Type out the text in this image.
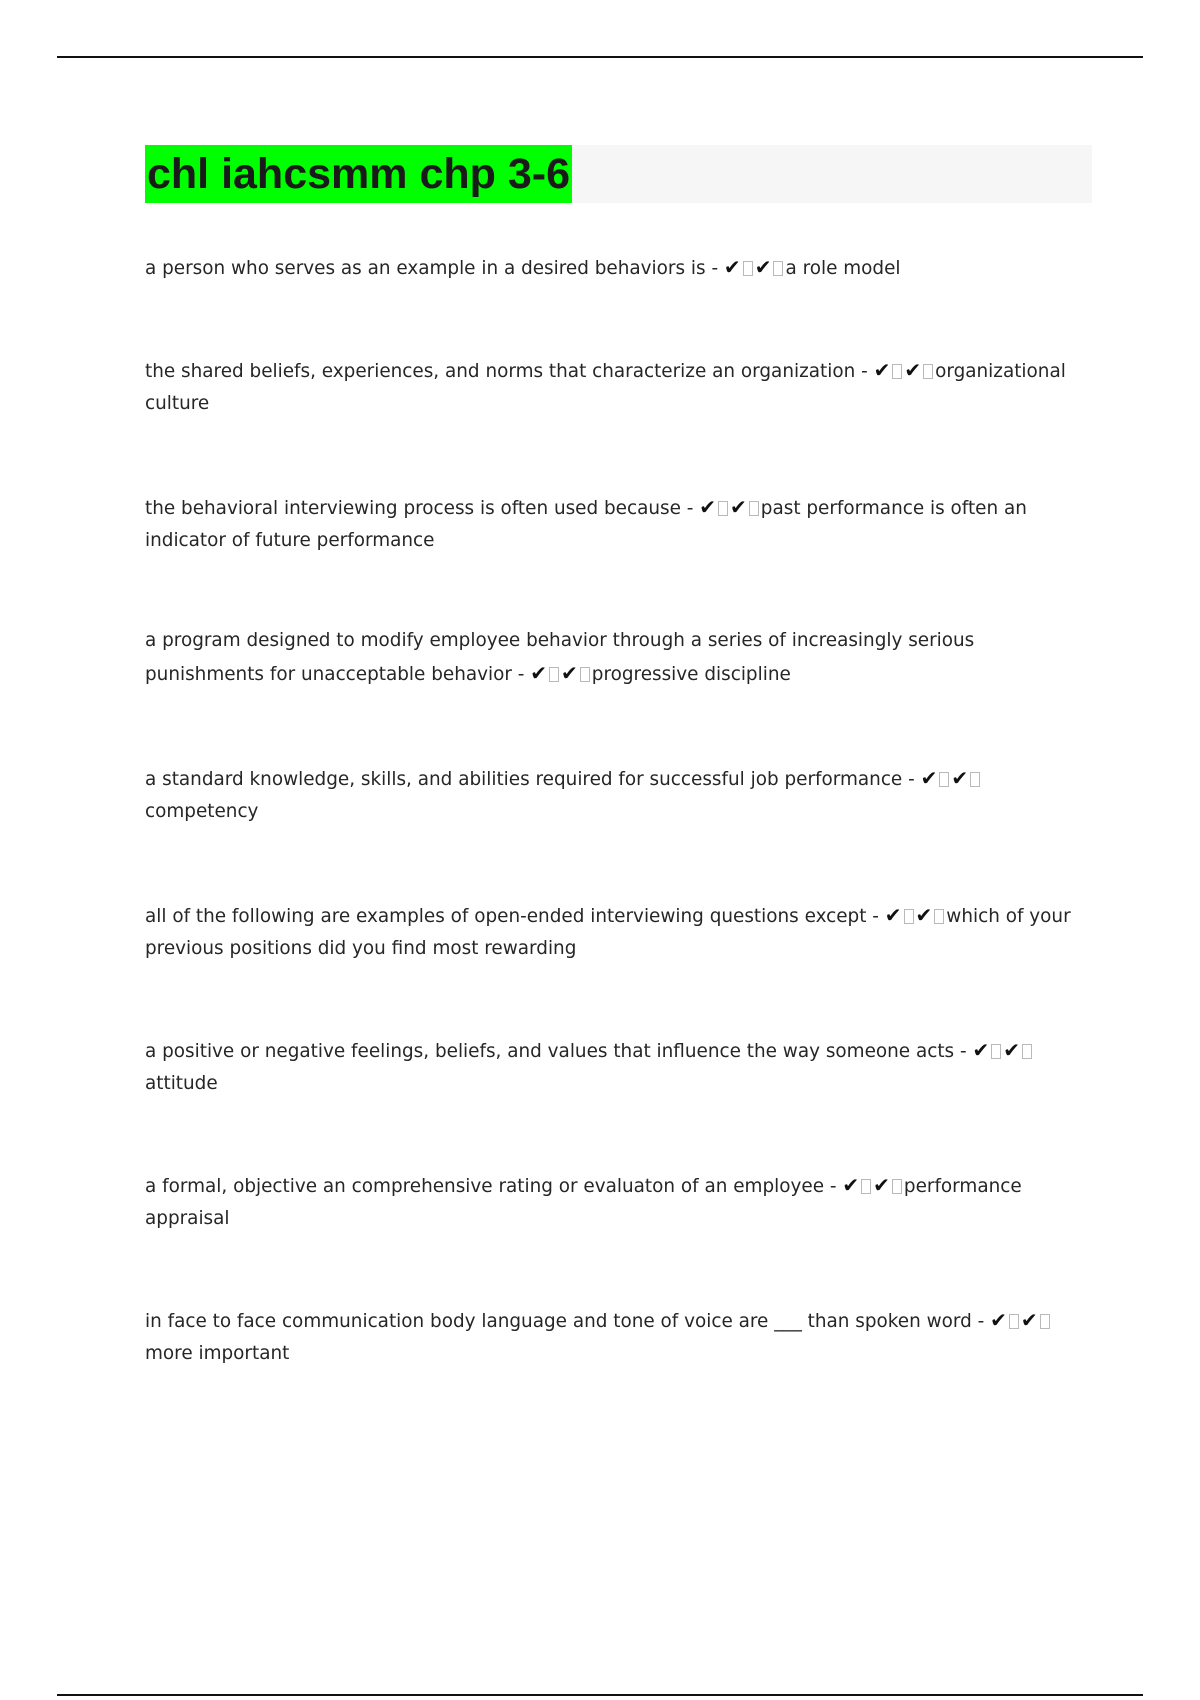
chl iahcsmm chp 3-6
a person who serves as an example in a desired behaviors is - ✔ ✔ a role model
the shared beliefs, experiences, and norms that characterize an organization - ✔ ✔ organizational culture
the behavioral interviewing process is often used because - ✔ ✔ past performance is often an indicator of future performance
a program designed to modify employee behavior through a series of increasingly serious punishments for unacceptable behavior - ✔ ✔ progressive discipline
a standard knowledge, skills, and abilities required for successful job performance - ✔ ✔competency
all of the following are examples of open-ended interviewing questions except - ✔ ✔ which of your previous positions did you find most rewarding
a positive or negative feelings, beliefs, and values that influence the way someone acts - ✔ ✔attitude
a formal, objective an comprehensive rating or evaluaton of an employee - ✔ ✔ performance appraisal
in face to face communication body language and tone of voice are ___ than spoken word - ✔ ✔more important
